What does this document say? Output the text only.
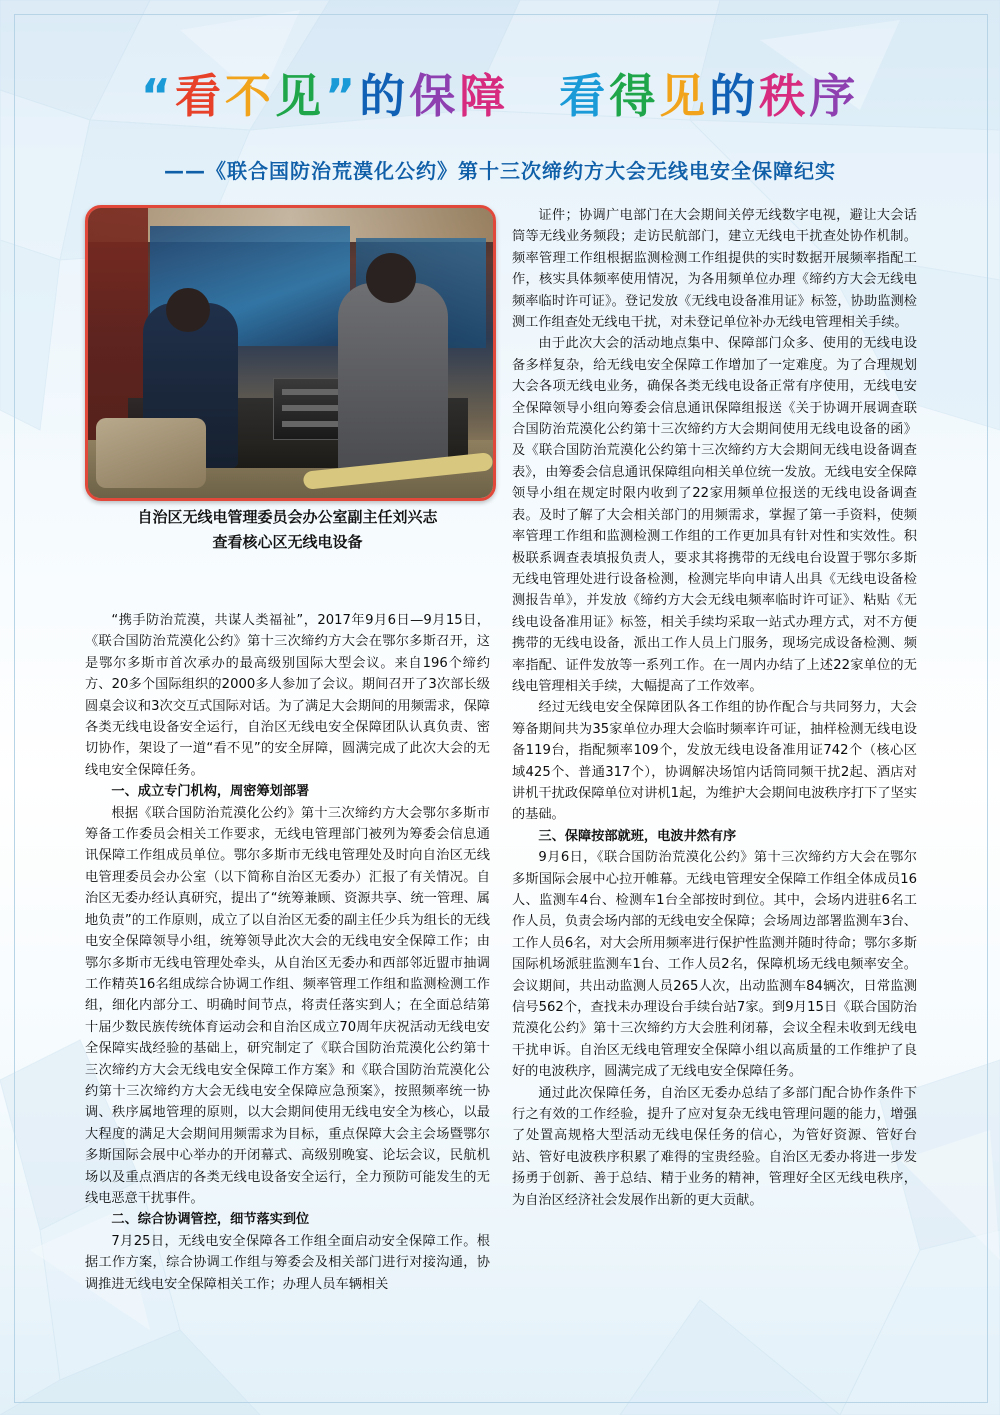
“看不见”的保障　 看得见的秩序
——《联合国防治荒漠化公约》第十三次缔约方大会无线电安全保障纪实
自治区无线电管理委员会办公室副主任刘兴志
查看核心区无线电设备

“携手防治荒漠，共谋人类福祉”，2017年9月6日—9月15日，《联合国防治荒漠化公约》第十三次缔约方大会在鄂尔多斯召开，这是鄂尔多斯市首次承办的最高级别国际大型会议。来自196个缔约方、20多个国际组织的2000多人参加了会议。期间召开了3次部长级圆桌会议和3次交互式国际对话。为了满足大会期间的用频需求，保障各类无线电设备安全运行，自治区无线电安全保障团队认真负责、密切协作，架设了一道“看不见”的安全屏障，圆满完成了此次大会的无线电安全保障任务。

一、成立专门机构，周密筹划部署

根据《联合国防治荒漠化公约》第十三次缔约方大会鄂尔多斯市筹备工作委员会相关工作要求，无线电管理部门被列为筹委会信息通讯保障工作组成员单位。鄂尔多斯市无线电管理处及时向自治区无线电管理委员会办公室（以下简称自治区无委办）汇报了有关情况。自治区无委办经认真研究，提出了“统筹兼顾、资源共享、统一管理、属地负责”的工作原则，成立了以自治区无委的副主任少兵为组长的无线电安全保障领导小组，统筹领导此次大会的无线电安全保障工作；由鄂尔多斯市无线电管理处牵头，从自治区无委办和西部邻近盟市抽调工作精英16名组成综合协调工作组、频率管理工作组和监测检测工作组，细化内部分工、明确时间节点，将责任落实到人；在全面总结第十届少数民族传统体育运动会和自治区成立70周年庆祝活动无线电安全保障实战经验的基础上，研究制定了《联合国防治荒漠化公约第十三次缔约方大会无线电安全保障工作方案》和《联合国防治荒漠化公约第十三次缔约方大会无线电安全保障应急预案》，按照频率统一协调、秩序属地管理的原则，以大会期间使用无线电安全为核心，以最大程度的满足大会期间用频需求为目标，重点保障大会主会场暨鄂尔多斯国际会展中心举办的开闭幕式、高级别晚宴、论坛会议，民航机场以及重点酒店的各类无线电设备安全运行，全力预防可能发生的无线电恶意干扰事件。

二、综合协调管控，细节落实到位

7月25日，无线电安全保障各工作组全面启动安全保障工作。根据工作方案，综合协调工作组与筹委会及相关部门进行对接沟通，协调推进无线电安全保障相关工作；办理人员车辆相关

证件；协调广电部门在大会期间关停无线数字电视，避让大会话筒等无线业务频段；走访民航部门，建立无线电干扰查处协作机制。频率管理工作组根据监测检测工作组提供的实时数据开展频率指配工作，核实具体频率使用情况，为各用频单位办理《缔约方大会无线电频率临时许可证》。登记发放《无线电设备准用证》标签，协助监测检测工作组查处无线电干扰，对未登记单位补办无线电管理相关手续。

由于此次大会的活动地点集中、保障部门众多、使用的无线电设备多样复杂，给无线电安全保障工作增加了一定难度。为了合理规划大会各项无线电业务，确保各类无线电设备正常有序使用，无线电安全保障领导小组向筹委会信息通讯保障组报送《关于协调开展调查联合国防治荒漠化公约第十三次缔约方大会期间使用无线电设备的函》及《联合国防治荒漠化公约第十三次缔约方大会期间无线电设备调查表》，由筹委会信息通讯保障组向相关单位统一发放。无线电安全保障领导小组在规定时限内收到了22家用频单位报送的无线电设备调查表。及时了解了大会相关部门的用频需求，掌握了第一手资料，使频率管理工作组和监测检测工作组的工作更加具有针对性和实效性。积极联系调查表填报负责人，要求其将携带的无线电台设置于鄂尔多斯无线电管理处进行设备检测，检测完毕向申请人出具《无线电设备检测报告单》，并发放《缔约方大会无线电频率临时许可证》、粘贴《无线电设备准用证》标签，相关手续均采取一站式办理方式，对不方便携带的无线电设备，派出工作人员上门服务，现场完成设备检测、频率指配、证件发放等一系列工作。在一周内办结了上述22家单位的无线电管理相关手续，大幅提高了工作效率。

经过无线电安全保障团队各工作组的协作配合与共同努力，大会筹备期间共为35家单位办理大会临时频率许可证，抽样检测无线电设备119台，指配频率109个，发放无线电设备准用证742个（核心区域425个、普通317个），协调解决场馆内话筒同频干扰2起、酒店对讲机干扰政保障单位对讲机1起，为维护大会期间电波秩序打下了坚实的基础。

三、保障按部就班，电波井然有序

9月6日，《联合国防治荒漠化公约》第十三次缔约方大会在鄂尔多斯国际会展中心拉开帷幕。无线电管理安全保障工作组全体成员16人、监测车4台、检测车1台全部按时到位。其中，会场内进驻6名工作人员，负责会场内部的无线电安全保障；会场周边部署监测车3台、工作人员6名，对大会所用频率进行保护性监测并随时待命；鄂尔多斯国际机场派驻监测车1台、工作人员2名，保障机场无线电频率安全。会议期间，共出动监测人员265人次，出动监测车84辆次，日常监测信号562个，查找未办理设台手续台站7家。到9月15日《联合国防治荒漠化公约》第十三次缔约方大会胜利闭幕，会议全程未收到无线电干扰申诉。自治区无线电管理安全保障小组以高质量的工作维护了良好的电波秩序，圆满完成了无线电安全保障任务。

通过此次保障任务，自治区无委办总结了多部门配合协作条件下行之有效的工作经验，提升了应对复杂无线电管理问题的能力，增强了处置高规格大型活动无线电保任务的信心，为管好资源、管好台站、管好电波秩序积累了难得的宝贵经验。自治区无委办将进一步发扬勇于创新、善于总结、精于业务的精神，管理好全区无线电秩序，为自治区经济社会发展作出新的更大贡献。
